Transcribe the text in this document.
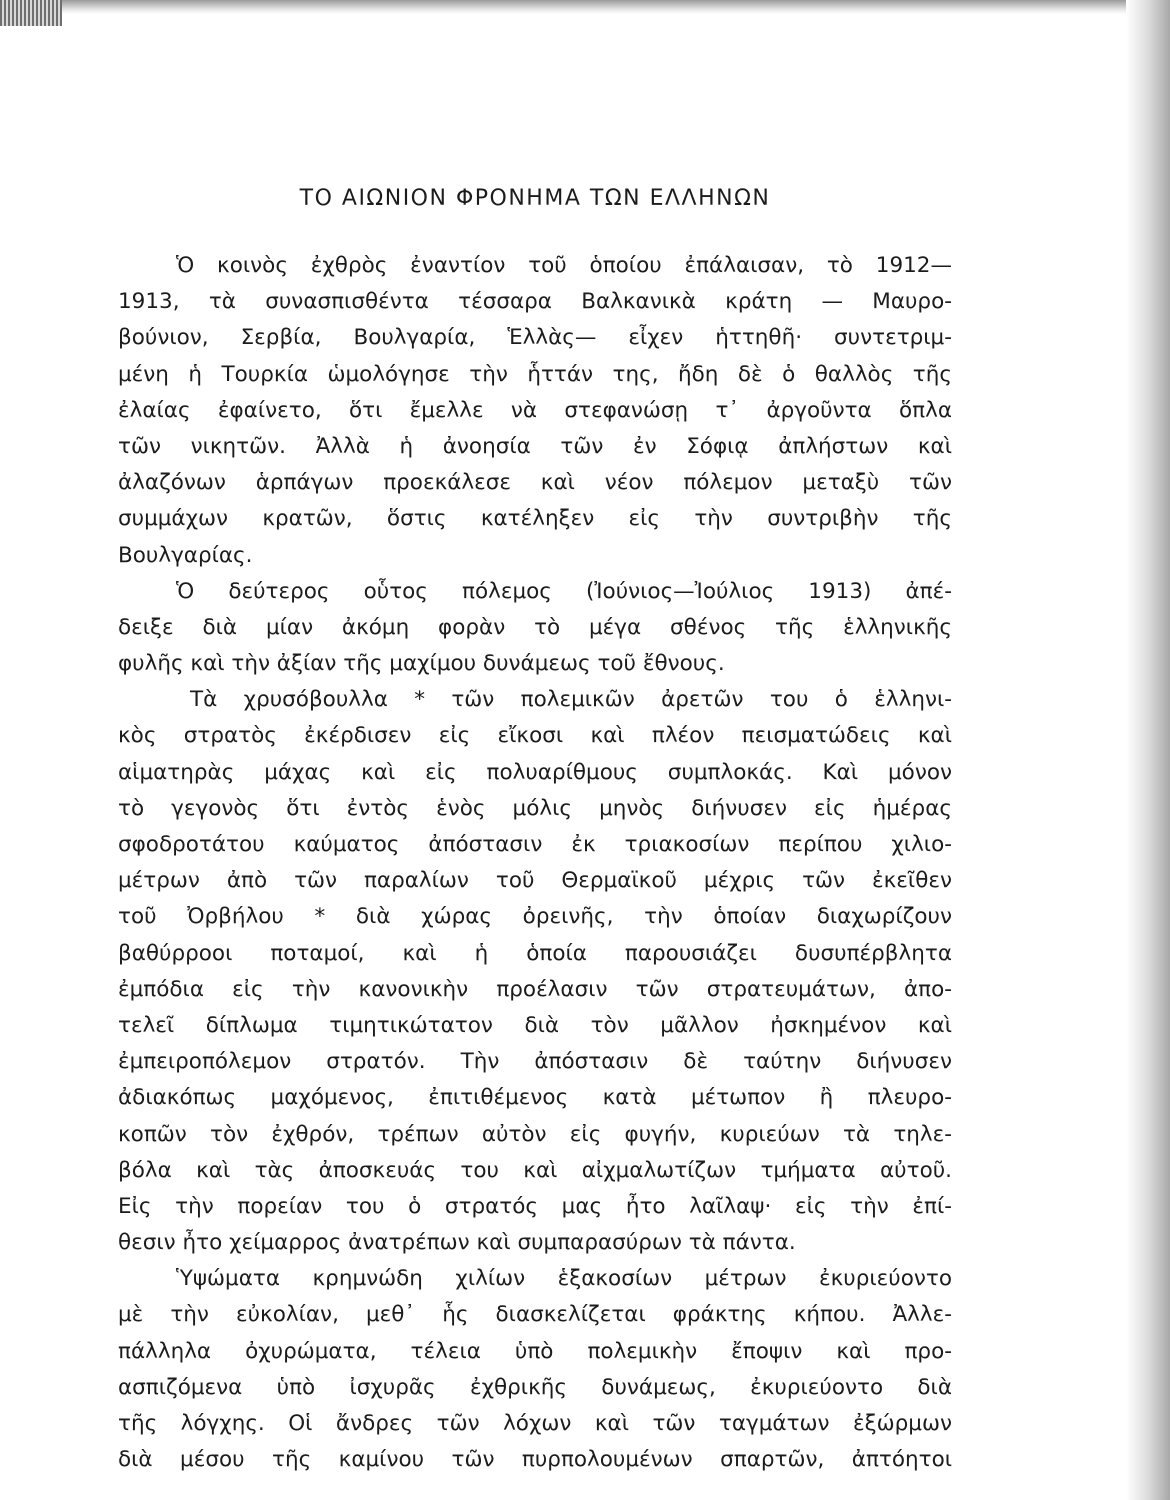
ΤΟ ΑΙΩΝΙΟΝ ΦΡΟΝΗΜΑ ΤΩΝ ΕΛΛΗΝΩΝ
Ὁ κοινὸς ἐχθρὸς ἐναντίον τοῦ ὁποίου ἐπάλαισαν, τὸ 1912—
1913, τὰ συνασπισθέντα τέσσαρα Βαλκανικὰ κράτη — Μαυρο-
βούνιον, Σερβία, Βουλγαρία, Ἑλλὰς— εἶχεν ἡττηθῆ· συντετριμ-
μένη ἡ Τουρκία ὡμολόγησε τὴν ἧττάν της, ἤδη δὲ ὁ θαλλὸς τῆς
ἐλαίας ἐφαίνετο, ὅτι ἔμελλε νὰ στεφανώσῃ τ᾽ ἀργοῦντα ὅπλα
τῶν νικητῶν. Ἀλλὰ ἡ ἀνοησία τῶν ἐν Σόφιᾳ ἀπλήστων καὶ
ἀλαζόνων ἁρπάγων προεκάλεσε καὶ νέον πόλεμον μεταξὺ τῶν
συμμάχων κρατῶν, ὅστις κατέληξεν εἰς τὴν συντριβὴν τῆς
Βουλγαρίας.
Ὁ δεύτερος οὗτος πόλεμος (Ἰούνιος—Ἰούλιος 1913) ἀπέ-
δειξε διὰ μίαν ἀκόμη φορὰν τὸ μέγα σθένος τῆς ἑλληνικῆς
φυλῆς καὶ τὴν ἀξίαν τῆς μαχίμου δυνάμεως τοῦ ἔθνους.
Τὰ χρυσόβουλλα * τῶν πολεμικῶν ἀρετῶν του ὁ ἑλληνι-
κὸς στρατὸς ἐκέρδισεν εἰς εἴκοσι καὶ πλέον πεισματώδεις καὶ
αἱματηρὰς μάχας καὶ εἰς πολυαρίθμους συμπλοκάς. Καὶ μόνον
τὸ γεγονὸς ὅτι ἐντὸς ἑνὸς μόλις μηνὸς διήνυσεν εἰς ἡμέρας
σφοδροτάτου καύματος ἀπόστασιν ἐκ τριακοσίων περίπου χιλιο-
μέτρων ἀπὸ τῶν παραλίων τοῦ Θερμαϊκοῦ μέχρις τῶν ἐκεῖθεν
τοῦ Ὀρβήλου * διὰ χώρας ὀρεινῆς, τὴν ὁποίαν διαχωρίζουν
βαθύρροοι ποταμοί, καὶ ἡ ὁποία παρουσιάζει δυσυπέρβλητα
ἐμπόδια εἰς τὴν κανονικὴν προέλασιν τῶν στρατευμάτων, ἀπο-
τελεῖ δίπλωμα τιμητικώτατον διὰ τὸν μᾶλλον ἠσκημένον καὶ
ἐμπειροπόλεμον στρατόν. Τὴν ἀπόστασιν δὲ ταύτην διήνυσεν
ἀδιακόπως μαχόμενος, ἐπιτιθέμενος κατὰ μέτωπον ἢ πλευρο-
κοπῶν τὸν ἐχθρόν, τρέπων αὐτὸν εἰς φυγήν, κυριεύων τὰ τηλε-
βόλα καὶ τὰς ἀποσκευάς του καὶ αἰχμαλωτίζων τμήματα αὐτοῦ.
Εἰς τὴν πορείαν του ὁ στρατός μας ἦτο λαῖλαψ· εἰς τὴν ἐπί-
θεσιν ἦτο χείμαρρος ἀνατρέπων καὶ συμπαρασύρων τὰ πάντα.
Ὑψώματα κρημνώδη χιλίων ἑξακοσίων μέτρων ἐκυριεύοντο
μὲ τὴν εὐκολίαν, μεθ᾽ ἧς διασκελίζεται φράκτης κήπου. Ἀλλε-
πάλληλα ὀχυρώματα, τέλεια ὑπὸ πολεμικὴν ἔποψιν καὶ προ-
ασπιζόμενα ὑπὸ ἰσχυρᾶς ἐχθρικῆς δυνάμεως, ἐκυριεύοντο διὰ
τῆς λόγχης. Οἱ ἄνδρες τῶν λόχων καὶ τῶν ταγμάτων ἐξώρμων
διὰ μέσου τῆς καμίνου τῶν πυρπολουμένων σπαρτῶν, ἀπτόητοι
